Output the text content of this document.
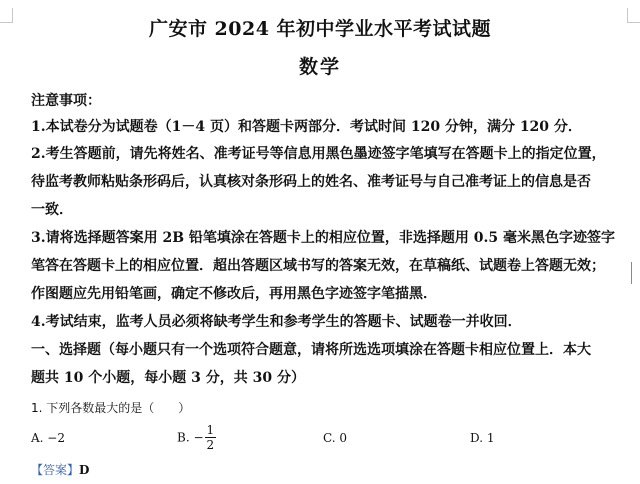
广安市 2024 年初中学业水平考试试题
数学
注意事项：
1.本试卷分为试题卷（1－4 页）和答题卡两部分．考试时间 120 分钟，满分 120 分．
2.考生答题前，请先将姓名、准考证号等信息用黑色墨迹签字笔填写在答题卡上的指定位置，
待监考教师粘贴条形码后，认真核对条形码上的姓名、准考证号与自己准考证上的信息是否
一致．
3.请将选择题答案用 2B 铅笔填涂在答题卡上的相应位置，非选择题用 0.5 毫米黑色字迹签字
笔答在答题卡上的相应位置．超出答题区域书写的答案无效，在草稿纸、试题卷上答题无效；
作图题应先用铅笔画，确定不修改后，再用黑色字迹签字笔描黑．
4.考试结束，监考人员必须将缺考学生和参考学生的答题卡、试题卷一并收回．
一、选择题（每小题只有一个选项符合题意，请将所选选项填涂在答题卡相应位置上．本大
题共 10 个小题，每小题 3 分，共 30 分）
1. 下列各数最大的是（　　）
A. −2	B. − $\frac{1}{2}$	C. 0	D. 1
【答案】D
